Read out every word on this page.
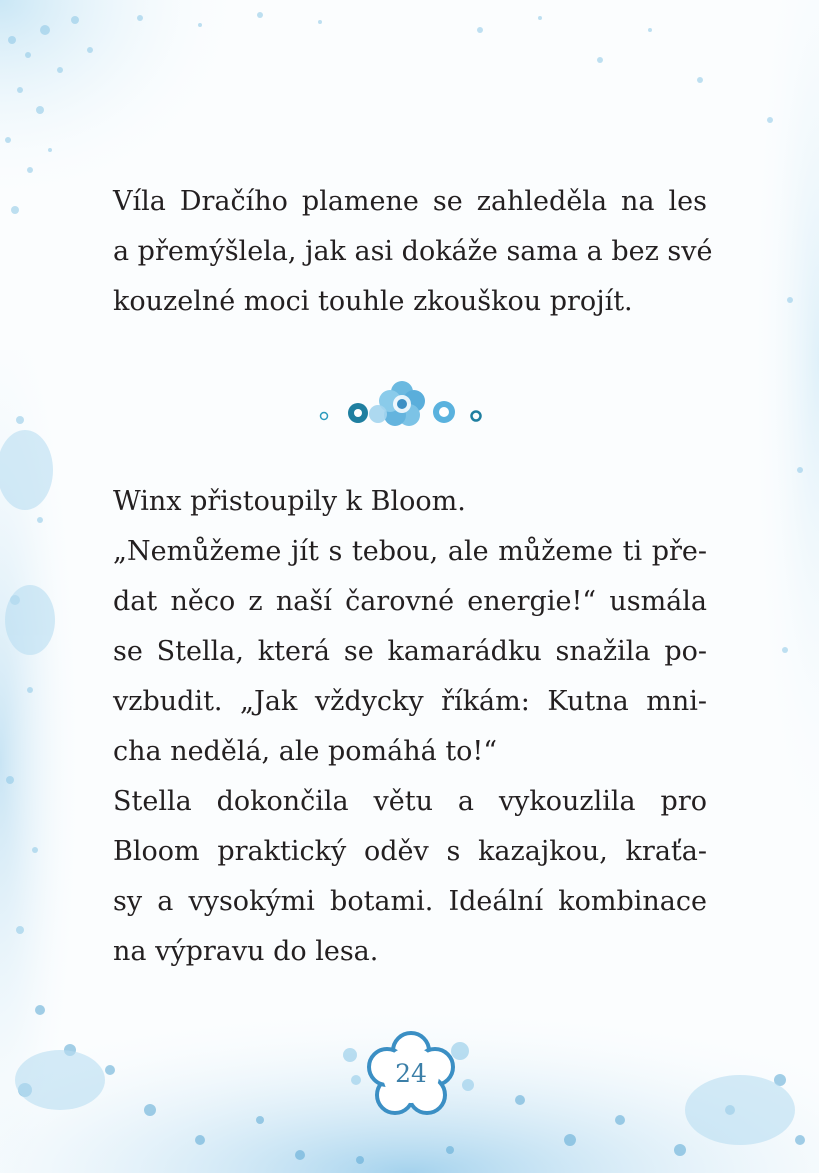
Víla Dračího plamene se zahleděla na les
a přemýšlela, jak asi dokáže sama a bez své
kouzelné moci touhle zkouškou projít.
Winx přistoupily k Bloom.
„Nemůžeme jít s tebou, ale můžeme ti pře-
dat něco z naší čarovné energie!“ usmála
se Stella, která se kamarádku snažila po-
vzbudit. „Jak vždycky říkám: Kutna mni-
cha nedělá, ale pomáhá to!“
Stella dokončila větu a vykouzlila pro
Bloom praktický oděv s kazajkou, kraťa-
sy a vysokými botami. Ideální kombinace
na výpravu do lesa.
24
